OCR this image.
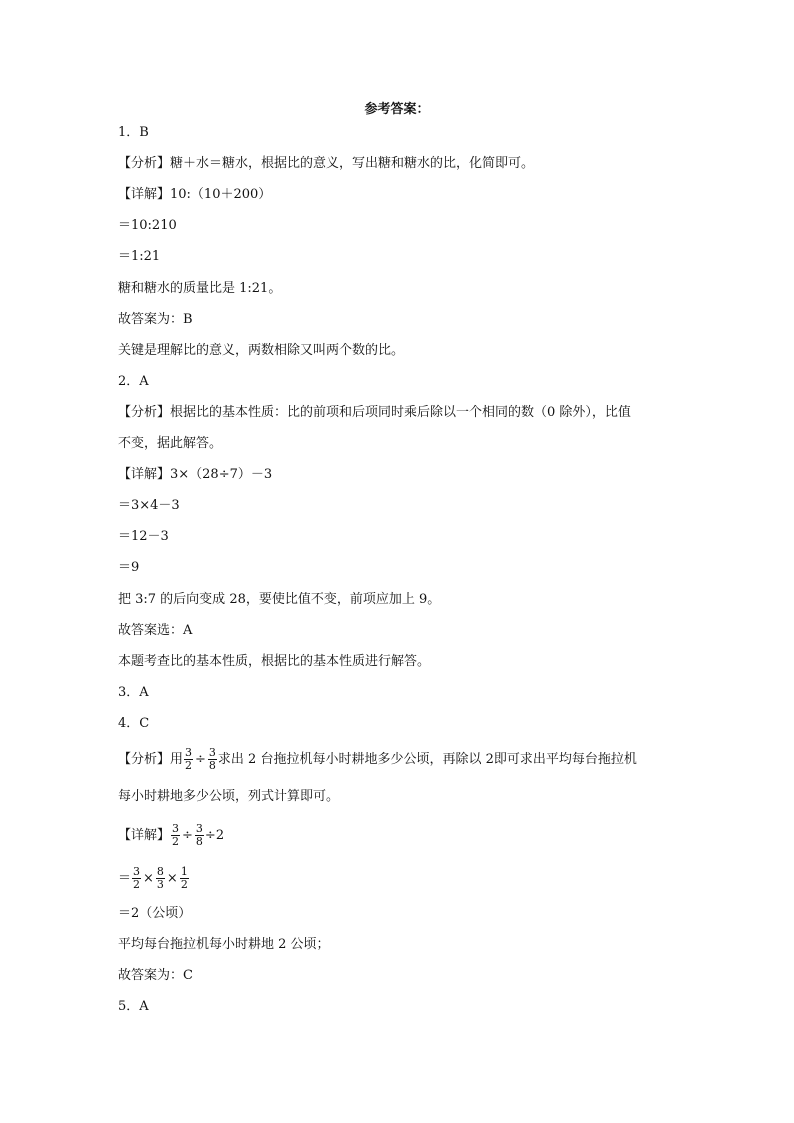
参考答案：
1．B
【分析】糖＋水＝糖水，根据比的意义，写出糖和糖水的比，化简即可。
【详解】10:（10＋200）
＝10:210
＝1:21
糖和糖水的质量比是 1:21。
故答案为：B
关键是理解比的意义，两数相除又叫两个数的比。
2．A
【分析】根据比的基本性质：比的前项和后项同时乘后除以一个相同的数（0 除外），比值
不变，据此解答。
【详解】3×（28÷7）－3
＝3×4－3
＝12－3
＝9
把 3:7 的后向变成 28，要使比值不变，前项应加上 9。
故答案选：A
本题考查比的基本性质，根据比的基本性质进行解答。
3．A
4．C
【分析】用 $\frac{3}{2} \div \frac{3}{8}$ 求出 2 台拖拉机每小时耕地多少公顷，再除以 2即可求出平均每台拖拉机
每小时耕地多少公顷，列式计算即可。
【详解】 $\frac{3}{2} \div \frac{3}{8} \div 2$
＝ $\frac{3}{2} \times \frac{8}{3} \times \frac{1}{2}$
＝2（公顷）
平均每台拖拉机每小时耕地 2 公顷；
故答案为：C
5．A
